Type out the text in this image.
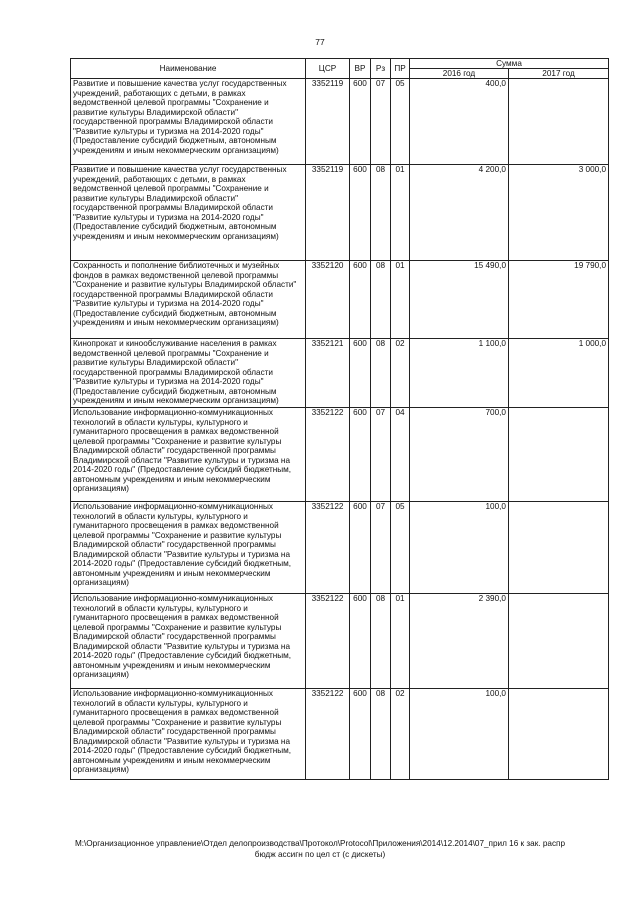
77
Наименование	ЦСР	ВР	Рз	ПР	Сумма	
					2016 год	2017 год
Развитие и повышение качества услуг государственных учреждений, работающих с детьми, в рамках ведомственной целевой программы "Сохранение и развитие культуры Владимирской области" государственной программы Владимирской области "Развитие культуры и туризма на 2014-2020 годы" (Предоставление субсидий бюджетным, автономным учреждениям и иным некоммерческим организациям)	3352119	600	07	05	400,0	
Развитие и повышение качества услуг государственных учреждений, работающих с детьми, в рамках ведомственной целевой программы "Сохранение и развитие культуры Владимирской области" государственной программы Владимирской области "Развитие культуры и туризма на 2014-2020 годы" (Предоставление субсидий бюджетным, автономным учреждениям и иным некоммерческим организациям)	3352119	600	08	01	4 200,0	3 000,0
Сохранность и пополнение библиотечных и музейных фондов в рамках ведомственной целевой программы "Сохранение и развитие культуры Владимирской области" государственной программы Владимирской области "Развитие культуры и туризма на 2014-2020 годы" (Предоставление субсидий бюджетным, автономным учреждениям и иным некоммерческим организациям)	3352120	600	08	01	15 490,0	19 790,0
Кинопрокат и кинообслуживание населения в рамках ведомственной целевой программы "Сохранение и развитие культуры Владимирской области" государственной программы Владимирской области "Развитие культуры и туризма на 2014-2020 годы" (Предоставление субсидий бюджетным, автономным учреждениям и иным некоммерческим организациям)	3352121	600	08	02	1 100,0	1 000,0
Использование информационно-коммуникационных технологий в области культуры, культурного и гуманитарного просвещения в рамках ведомственной целевой программы "Сохранение и развитие культуры Владимирской области" государственной программы Владимирской области "Развитие культуры и туризма на 2014-2020 годы" (Предоставление субсидий бюджетным, автономным учреждениям и иным некоммерческим организациям)	3352122	600	07	04	700,0	
Использование информационно-коммуникационных технологий в области культуры, культурного и гуманитарного просвещения в рамках ведомственной целевой программы "Сохранение и развитие культуры Владимирской области" государственной программы Владимирской области "Развитие культуры и туризма на 2014-2020 годы" (Предоставление субсидий бюджетным, автономным учреждениям и иным некоммерческим организациям)	3352122	600	07	05	100,0	
Использование информационно-коммуникационных технологий в области культуры, культурного и гуманитарного просвещения в рамках ведомственной целевой программы "Сохранение и развитие культуры Владимирской области" государственной программы Владимирской области "Развитие культуры и туризма на 2014-2020 годы" (Предоставление субсидий бюджетным, автономным учреждениям и иным некоммерческим организациям)	3352122	600	08	01	2 390,0	
Использование информационно-коммуникационных технологий в области культуры, культурного и гуманитарного просвещения в рамках ведомственной целевой программы "Сохранение и развитие культуры Владимирской области" государственной программы Владимирской области "Развитие культуры и туризма на 2014-2020 годы" (Предоставление субсидий бюджетным, автономным учреждениям и иным некоммерческим организациям)	3352122	600	08	02	100,0	
М:\Организационное управление\Отдел делопроизводства\Протокол\Protocol\Приложения\2014\12.2014\07_прил 16 к зак. распр
бюдж ассигн по цел ст (с дискеты)
